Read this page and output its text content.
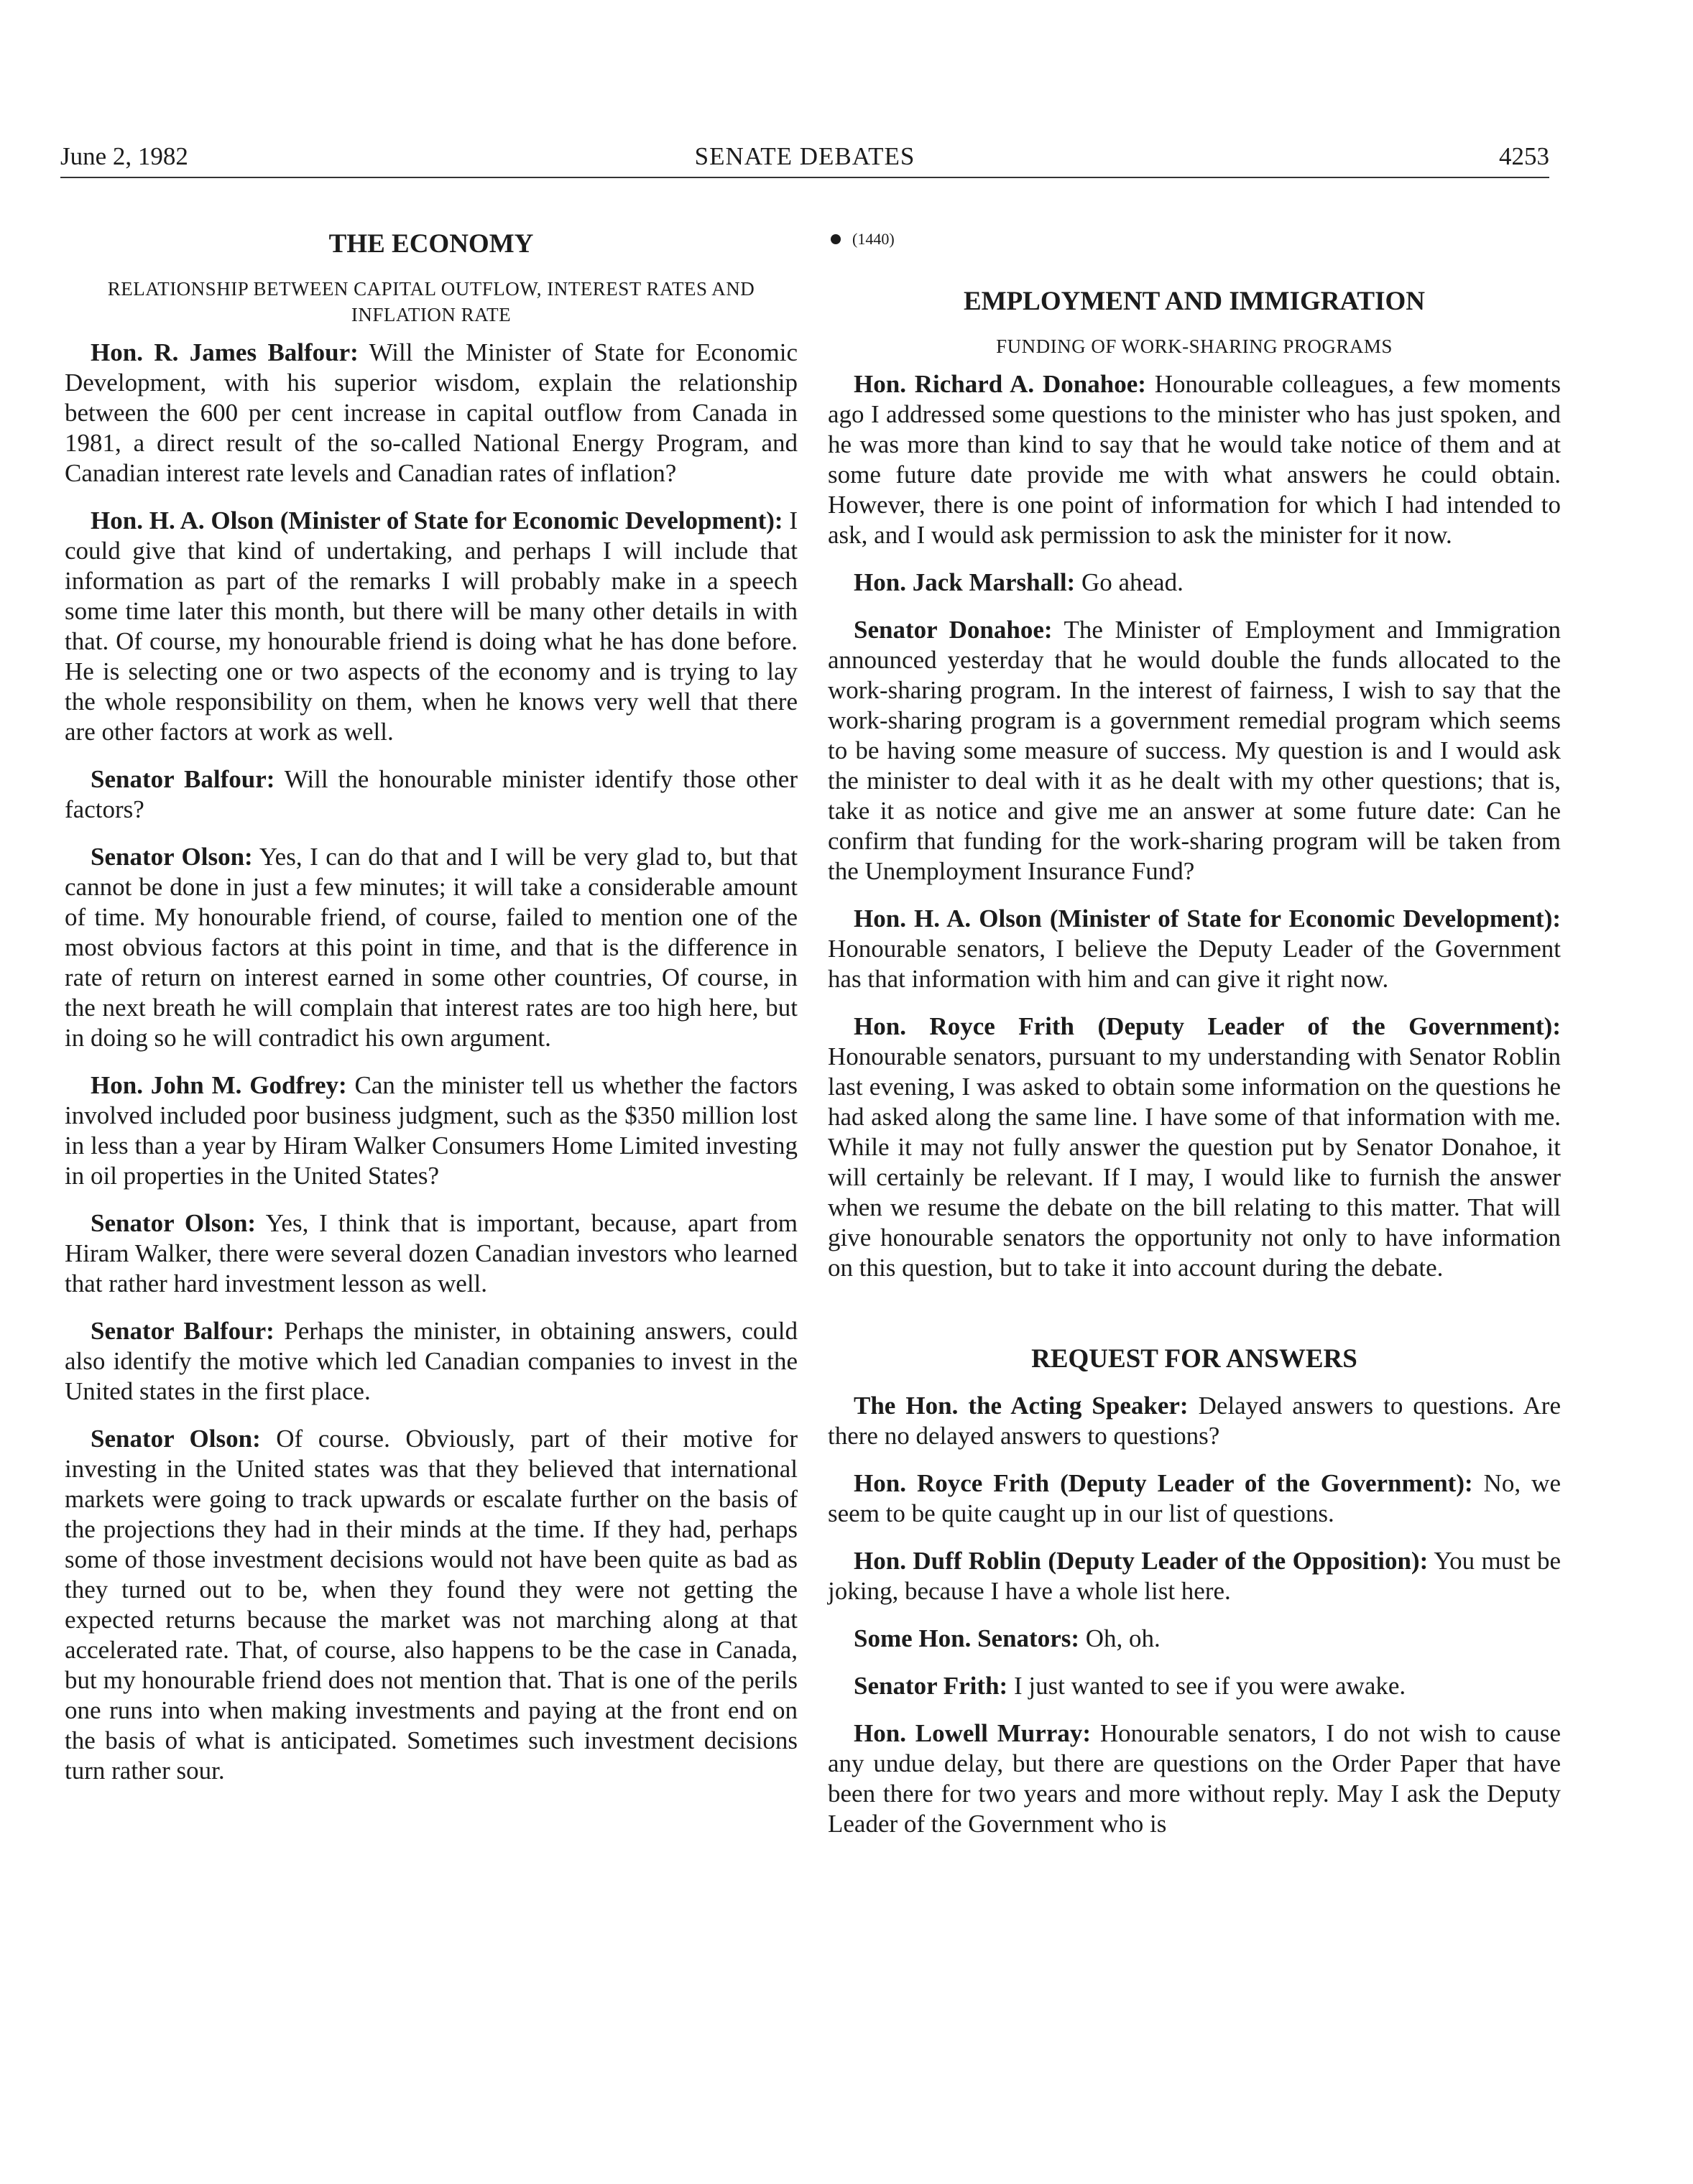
June 2, 1982	SENATE DEBATES	4253
THE ECONOMY
RELATIONSHIP BETWEEN CAPITAL OUTFLOW, INTEREST RATES AND INFLATION RATE

Hon. R. James Balfour: Will the Minister of State for Economic Development, with his superior wisdom, explain the relationship between the 600 per cent increase in capital outflow from Canada in 1981, a direct result of the so-called National Energy Program, and Canadian interest rate levels and Canadian rates of inflation?

Hon. H. A. Olson (Minister of State for Economic Development): I could give that kind of undertaking, and perhaps I will include that information as part of the remarks I will probably make in a speech some time later this month, but there will be many other details in with that. Of course, my honourable friend is doing what he has done before. He is selecting one or two aspects of the economy and is trying to lay the whole responsibility on them, when he knows very well that there are other factors at work as well.

Senator Balfour: Will the honourable minister identify those other factors?

Senator Olson: Yes, I can do that and I will be very glad to, but that cannot be done in just a few minutes; it will take a considerable amount of time. My honourable friend, of course, failed to mention one of the most obvious factors at this point in time, and that is the difference in rate of return on interest earned in some other countries, Of course, in the next breath he will complain that interest rates are too high here, but in doing so he will contradict his own argument.

Hon. John M. Godfrey: Can the minister tell us whether the factors involved included poor business judgment, such as the $350 million lost in less than a year by Hiram Walker Consumers Home Limited investing in oil properties in the United States?

Senator Olson: Yes, I think that is important, because, apart from Hiram Walker, there were several dozen Canadian investors who learned that rather hard investment lesson as well.

Senator Balfour: Perhaps the minister, in obtaining answers, could also identify the motive which led Canadian companies to invest in the United states in the first place.

Senator Olson: Of course. Obviously, part of their motive for investing in the United states was that they believed that international markets were going to track upwards or escalate further on the basis of the projections they had in their minds at the time. If they had, perhaps some of those investment decisions would not have been quite as bad as they turned out to be, when they found they were not getting the expected returns because the market was not marching along at that accelerated rate. That, of course, also happens to be the case in Canada, but my honourable friend does not mention that. That is one of the perils one runs into when making investments and paying at the front end on the basis of what is anticipated. Sometimes such investment decisions turn rather sour.

(1440)
EMPLOYMENT AND IMMIGRATION
FUNDING OF WORK-SHARING PROGRAMS

Hon. Richard A. Donahoe: Honourable colleagues, a few moments ago I addressed some questions to the minister who has just spoken, and he was more than kind to say that he would take notice of them and at some future date provide me with what answers he could obtain. However, there is one point of information for which I had intended to ask, and I would ask permission to ask the minister for it now.

Hon. Jack Marshall: Go ahead.

Senator Donahoe: The Minister of Employment and Immigration announced yesterday that he would double the funds allocated to the work-sharing program. In the interest of fairness, I wish to say that the work-sharing program is a government remedial program which seems to be having some measure of success. My question is and I would ask the minister to deal with it as he dealt with my other questions; that is, take it as notice and give me an answer at some future date: Can he confirm that funding for the work-sharing program will be taken from the Unemployment Insurance Fund?

Hon. H. A. Olson (Minister of State for Economic Development): Honourable senators, I believe the Deputy Leader of the Government has that information with him and can give it right now.

Hon. Royce Frith (Deputy Leader of the Government): Honourable senators, pursuant to my understanding with Senator Roblin last evening, I was asked to obtain some information on the questions he had asked along the same line. I have some of that information with me. While it may not fully answer the question put by Senator Donahoe, it will certainly be relevant. If I may, I would like to furnish the answer when we resume the debate on the bill relating to this matter. That will give honourable senators the opportunity not only to have information on this question, but to take it into account during the debate.

REQUEST FOR ANSWERS

The Hon. the Acting Speaker: Delayed answers to questions. Are there no delayed answers to questions?

Hon. Royce Frith (Deputy Leader of the Government): No, we seem to be quite caught up in our list of questions.

Hon. Duff Roblin (Deputy Leader of the Opposition): You must be joking, because I have a whole list here.

Some Hon. Senators: Oh, oh.

Senator Frith: I just wanted to see if you were awake.

Hon. Lowell Murray: Honourable senators, I do not wish to cause any undue delay, but there are questions on the Order Paper that have been there for two years and more without reply. May I ask the Deputy Leader of the Government who is
